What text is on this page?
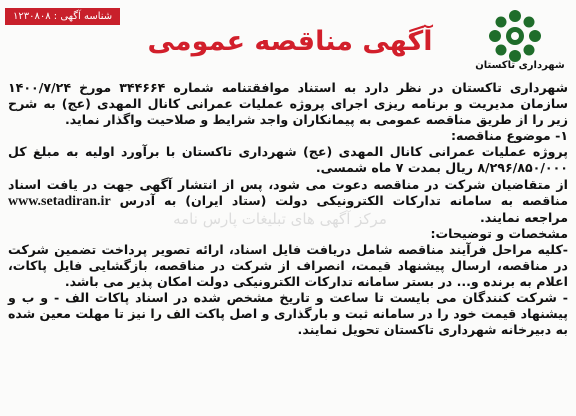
شناسه آگهی : ۱۲۳۰۸۰۸
شهرداری تاکستان
آگهی مناقصه عمومی
مرکز آگهی های تبلیغات پارس نامه

شهرداری تاکستان در نظر دارد به استناد موافقتنامه شماره ۳۴۴۶۶۴ مورخ ۱۴۰۰/۷/۲۴ سازمان مدیریت و برنامه ریزی اجرای پروژه عملیات عمرانی کانال المهدی (عج) به شرح زیر را از طریق مناقصه عمومی به پیمانکاران واجد شرایط و صلاحیت واگذار نماید.

۱- موضوع مناقصه:

پروژه عملیات عمرانی کانال المهدی (عج) شهرداری تاکستان با برآورد اولیه به مبلغ کل ۸/۲۹۶/۸۵۰/۰۰۰ ریال بمدت ۷ ماه شمسی.

از متقاضیان شرکت در مناقصه دعوت می شود، پس از انتشار آگهی جهت در یافت اسناد مناقصه به سامانه تدارکات الکترونیکی دولت (ستاد ایران) به آدرس www.setadiran.ir مراجعه نمایند.

مشخصات و توضیحات:

-کلیه مراحل فرآیند مناقصه شامل دریافت فایل اسناد، ارائه تصویر پرداخت تضمین شرکت در مناقصه، ارسال پیشنهاد قیمت، انصراف از شرکت در مناقصه، بازگشایی فایل پاکات، اعلام به برنده و... در بستر سامانه تدارکات الکترونیکی دولت امکان پذیر می باشد.

- شرکت کنندگان می بایست تا ساعت و تاریخ مشخص شده در اسناد پاکات الف - و ب و پیشنهاد قیمت خود را در سامانه ثبت و بارگذاری و اصل پاکت الف را نیز تا مهلت معین شده به دبیرخانه شهرداری تاکستان تحویل نمایند.
